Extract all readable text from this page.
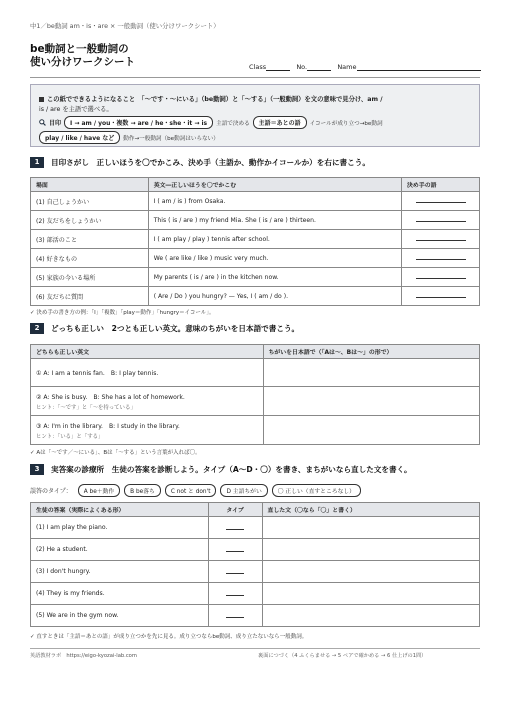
中1／be動詞 am・is・are × 一般動詞（使い分けワークシート）
be動詞と一般動詞の
使い分けワークシート	Class	No.	Name
この紙でできるようになること　「～です・～にいる」（be動詞）と「～する」（一般動詞）を文の意味で見分け、am /
is / are を主語で選べる。
目印	I → am / you・複数 → are / he・she・it → is	主語で決める	主語＝あとの語	イコールが成り立つ→be動詞
play / like / have など	動作→一般動詞（be動詞はいらない）
1	目印さがし　正しいほうを〇でかこみ、決め手（主語か、動作かイコールか）を右に書こう。
場面	英文―正しいほうを〇でかこむ	決め手の語
(1) 自己しょうかい	I ( am / is ) from Osaka.	
(2) 友だちをしょうかい	This ( is / are ) my friend Mia. She ( is / are ) thirteen.	
(3) 部活のこと	I ( am play / play ) tennis after school.	
(4) 好きなもの	We ( are like / like ) music very much.	
(5) 家族の今いる場所	My parents ( is / are ) in the kitchen now.	
(6) 友だちに質問	( Are / Do ) you hungry? — Yes, I ( am / do ).	
✓ 決め手の書き方の例：「I」「複数」「play＝動作」「hungry＝イコール」。
2	どっちも正しい　2つとも正しい英文。意味のちがいを日本語で書こう。
どちらも正しい英文	ちがいを日本語で（「Aは～、Bは～」の形で）
① A: I am a tennis fan.　B: I play tennis.	
② A: She is busy.　B: She has a lot of homework.
ヒント：「～です」と「～を持っている」	

③ A: I'm in the library.　B: I study in the library.
ヒント：「いる」と「する」	

✓ Aは「～です／～にいる」、Bは「～する」という言葉が入れば〇。
3	実答案の診療所　生徒の答案を診断しよう。タイプ（A～D・〇）を書き、まちがいなら直した文を書く。
誤答のタイプ：	A be＋動作	B be落ち	C not と don't	D 主語ちがい	〇 正しい（直すところなし）
生徒の答案（実際によくある形）	タイプ	直した文（〇なら「〇」と書く）
(1) I am play the piano.		
(2) He a student.		
(3) I don't hungry.		
(4) They is my friends.		
(5) We are in the gym now.		
✓ 直すときは「主語＝あとの語」が成り立つかを先に見る。成り立つならbe動詞、成り立たないなら一般動詞。
英語教材ラボ　https://eigo-kyozai-lab.com	裏面につづく（4 ふくらませる → 5 ペアで確かめる → 6 仕上げの1問）
